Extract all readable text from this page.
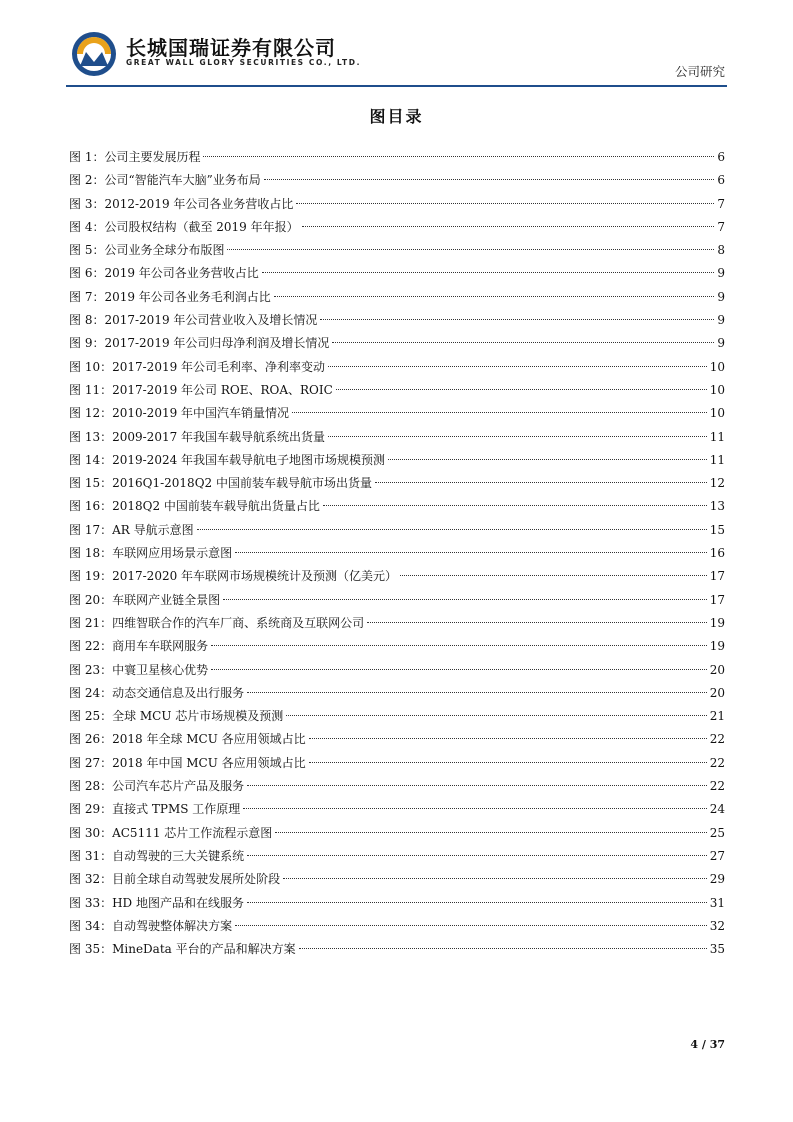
长城国瑞证券有限公司
GREAT WALL GLORY SECURITIES CO., LTD.
公司研究
图目录
图 1：公司主要发展历程	6
图 2：公司“智能汽车大脑”业务布局	6
图 3：2012-2019 年公司各业务营收占比	7
图 4：公司股权结构（截至 2019 年年报）	7
图 5：公司业务全球分布版图	8
图 6：2019 年公司各业务营收占比	9
图 7：2019 年公司各业务毛利润占比	9
图 8：2017-2019 年公司营业收入及增长情况	9
图 9：2017-2019 年公司归母净利润及增长情况	9
图 10：2017-2019 年公司毛利率、净利率变动	10
图 11：2017-2019 年公司 ROE、ROA、ROIC	10
图 12：2010-2019 年中国汽车销量情况	10
图 13：2009-2017 年我国车载导航系统出货量	11
图 14：2019-2024 年我国车载导航电子地图市场规模预测	11
图 15：2016Q1-2018Q2 中国前装车载导航市场出货量	12
图 16：2018Q2 中国前装车载导航出货量占比	13
图 17：AR 导航示意图	15
图 18：车联网应用场景示意图	16
图 19：2017-2020 年车联网市场规模统计及预测（亿美元）	17
图 20：车联网产业链全景图	17
图 21：四维智联合作的汽车厂商、系统商及互联网公司	19
图 22：商用车车联网服务	19
图 23：中寰卫星核心优势	20
图 24：动态交通信息及出行服务	20
图 25：全球 MCU 芯片市场规模及预测	21
图 26：2018 年全球 MCU 各应用领域占比	22
图 27：2018 年中国 MCU 各应用领域占比	22
图 28：公司汽车芯片产品及服务	22
图 29：直接式 TPMS 工作原理	24
图 30：AC5111 芯片工作流程示意图	25
图 31：自动驾驶的三大关键系统	27
图 32：目前全球自动驾驶发展所处阶段	29
图 33：HD 地图产品和在线服务	31
图 34：自动驾驶整体解决方案	32
图 35：MineData 平台的产品和解决方案	35
4 / 37
